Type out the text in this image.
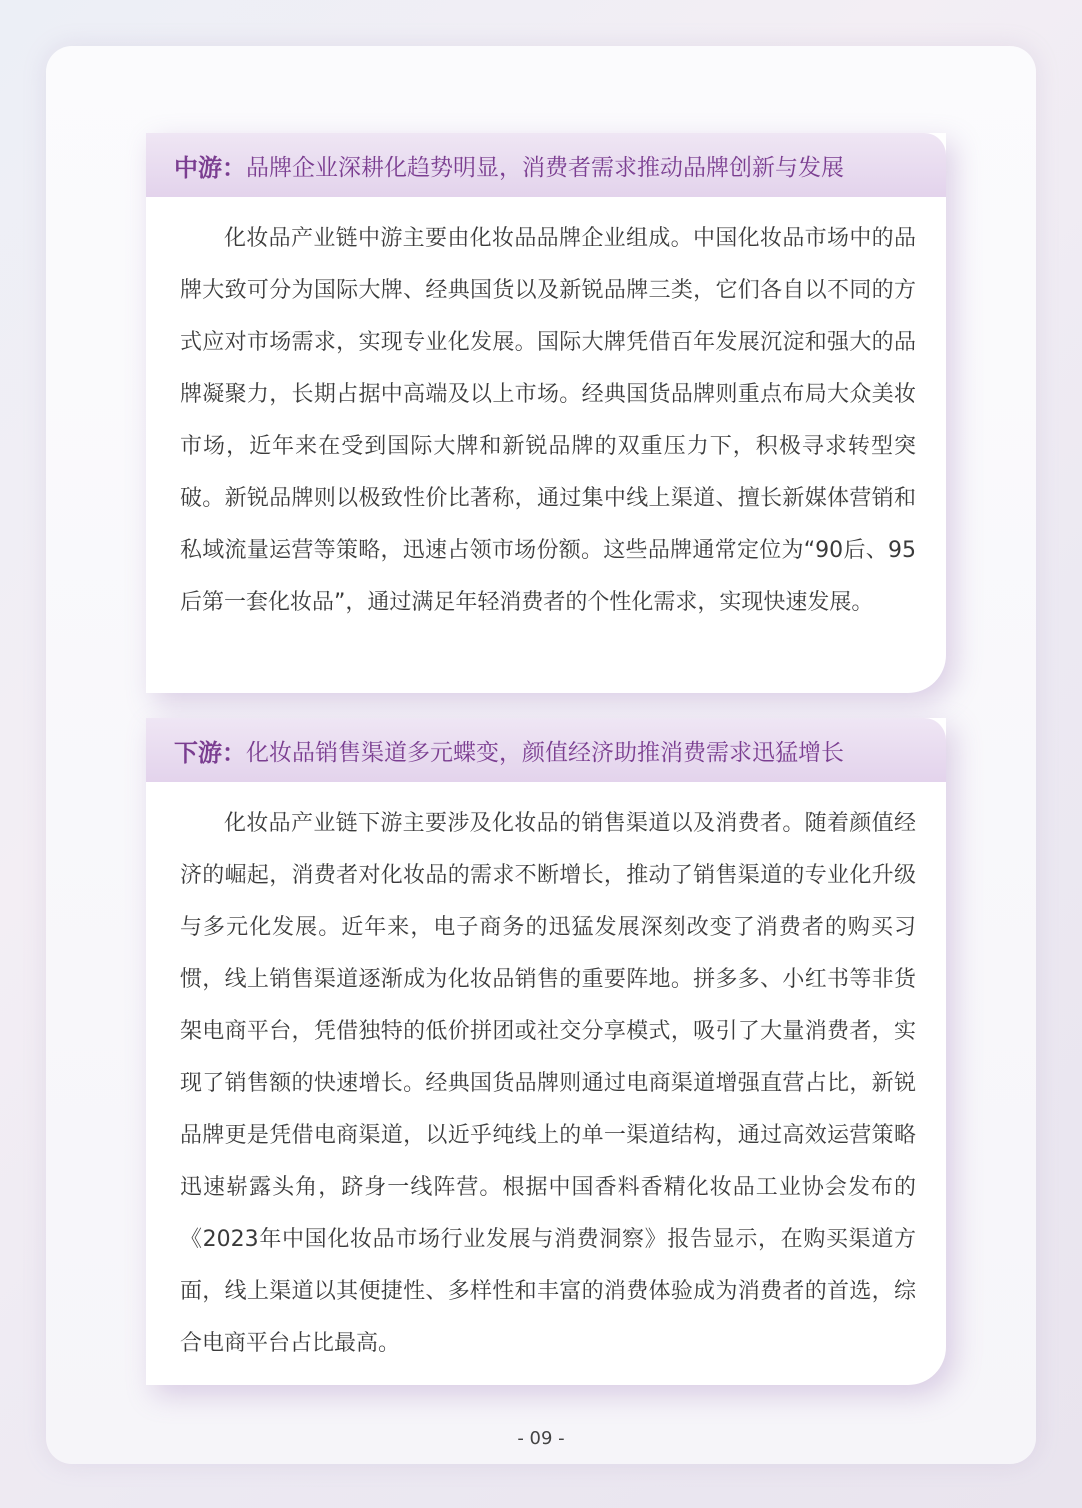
中游： 品牌企业深耕化趋势明显，消费者需求推动品牌创新与发展

化妆品产业链中游主要由化妆品品牌企业组成。中国化妆品市场中的品牌大致可分为国际大牌、经典国货以及新锐品牌三类，它们各自以不同的方式应对市场需求，实现专业化发展。国际大牌凭借百年发展沉淀和强大的品牌凝聚力，长期占据中高端及以上市场。经典国货品牌则重点布局大众美妆市场，近年来在受到国际大牌和新锐品牌的双重压力下，积极寻求转型突破。新锐品牌则以极致性价比著称，通过集中线上渠道、擅长新媒体营销和私域流量运营等策略，迅速占领市场份额。这些品牌通常定位为“90后、95后第一套化妆品”，通过满足年轻消费者的个性化需求，实现快速发展。

下游： 化妆品销售渠道多元蝶变，颜值经济助推消费需求迅猛增长

化妆品产业链下游主要涉及化妆品的销售渠道以及消费者。随着颜值经济的崛起，消费者对化妆品的需求不断增长，推动了销售渠道的专业化升级与多元化发展。近年来，电子商务的迅猛发展深刻改变了消费者的购买习惯，线上销售渠道逐渐成为化妆品销售的重要阵地。拼多多、小红书等非货架电商平台，凭借独特的低价拼团或社交分享模式，吸引了大量消费者，实现了销售额的快速增长。经典国货品牌则通过电商渠道增强直营占比，新锐品牌更是凭借电商渠道，以近乎纯线上的单一渠道结构，通过高效运营策略迅速崭露头角，跻身一线阵营。根据中国香料香精化妆品工业协会发布的《2023年中国化妆品市场行业发展与消费洞察》报告显示，在购买渠道方面，线上渠道以其便捷性、多样性和丰富的消费体验成为消费者的首选，综合电商平台占比最高。

- 09 -
